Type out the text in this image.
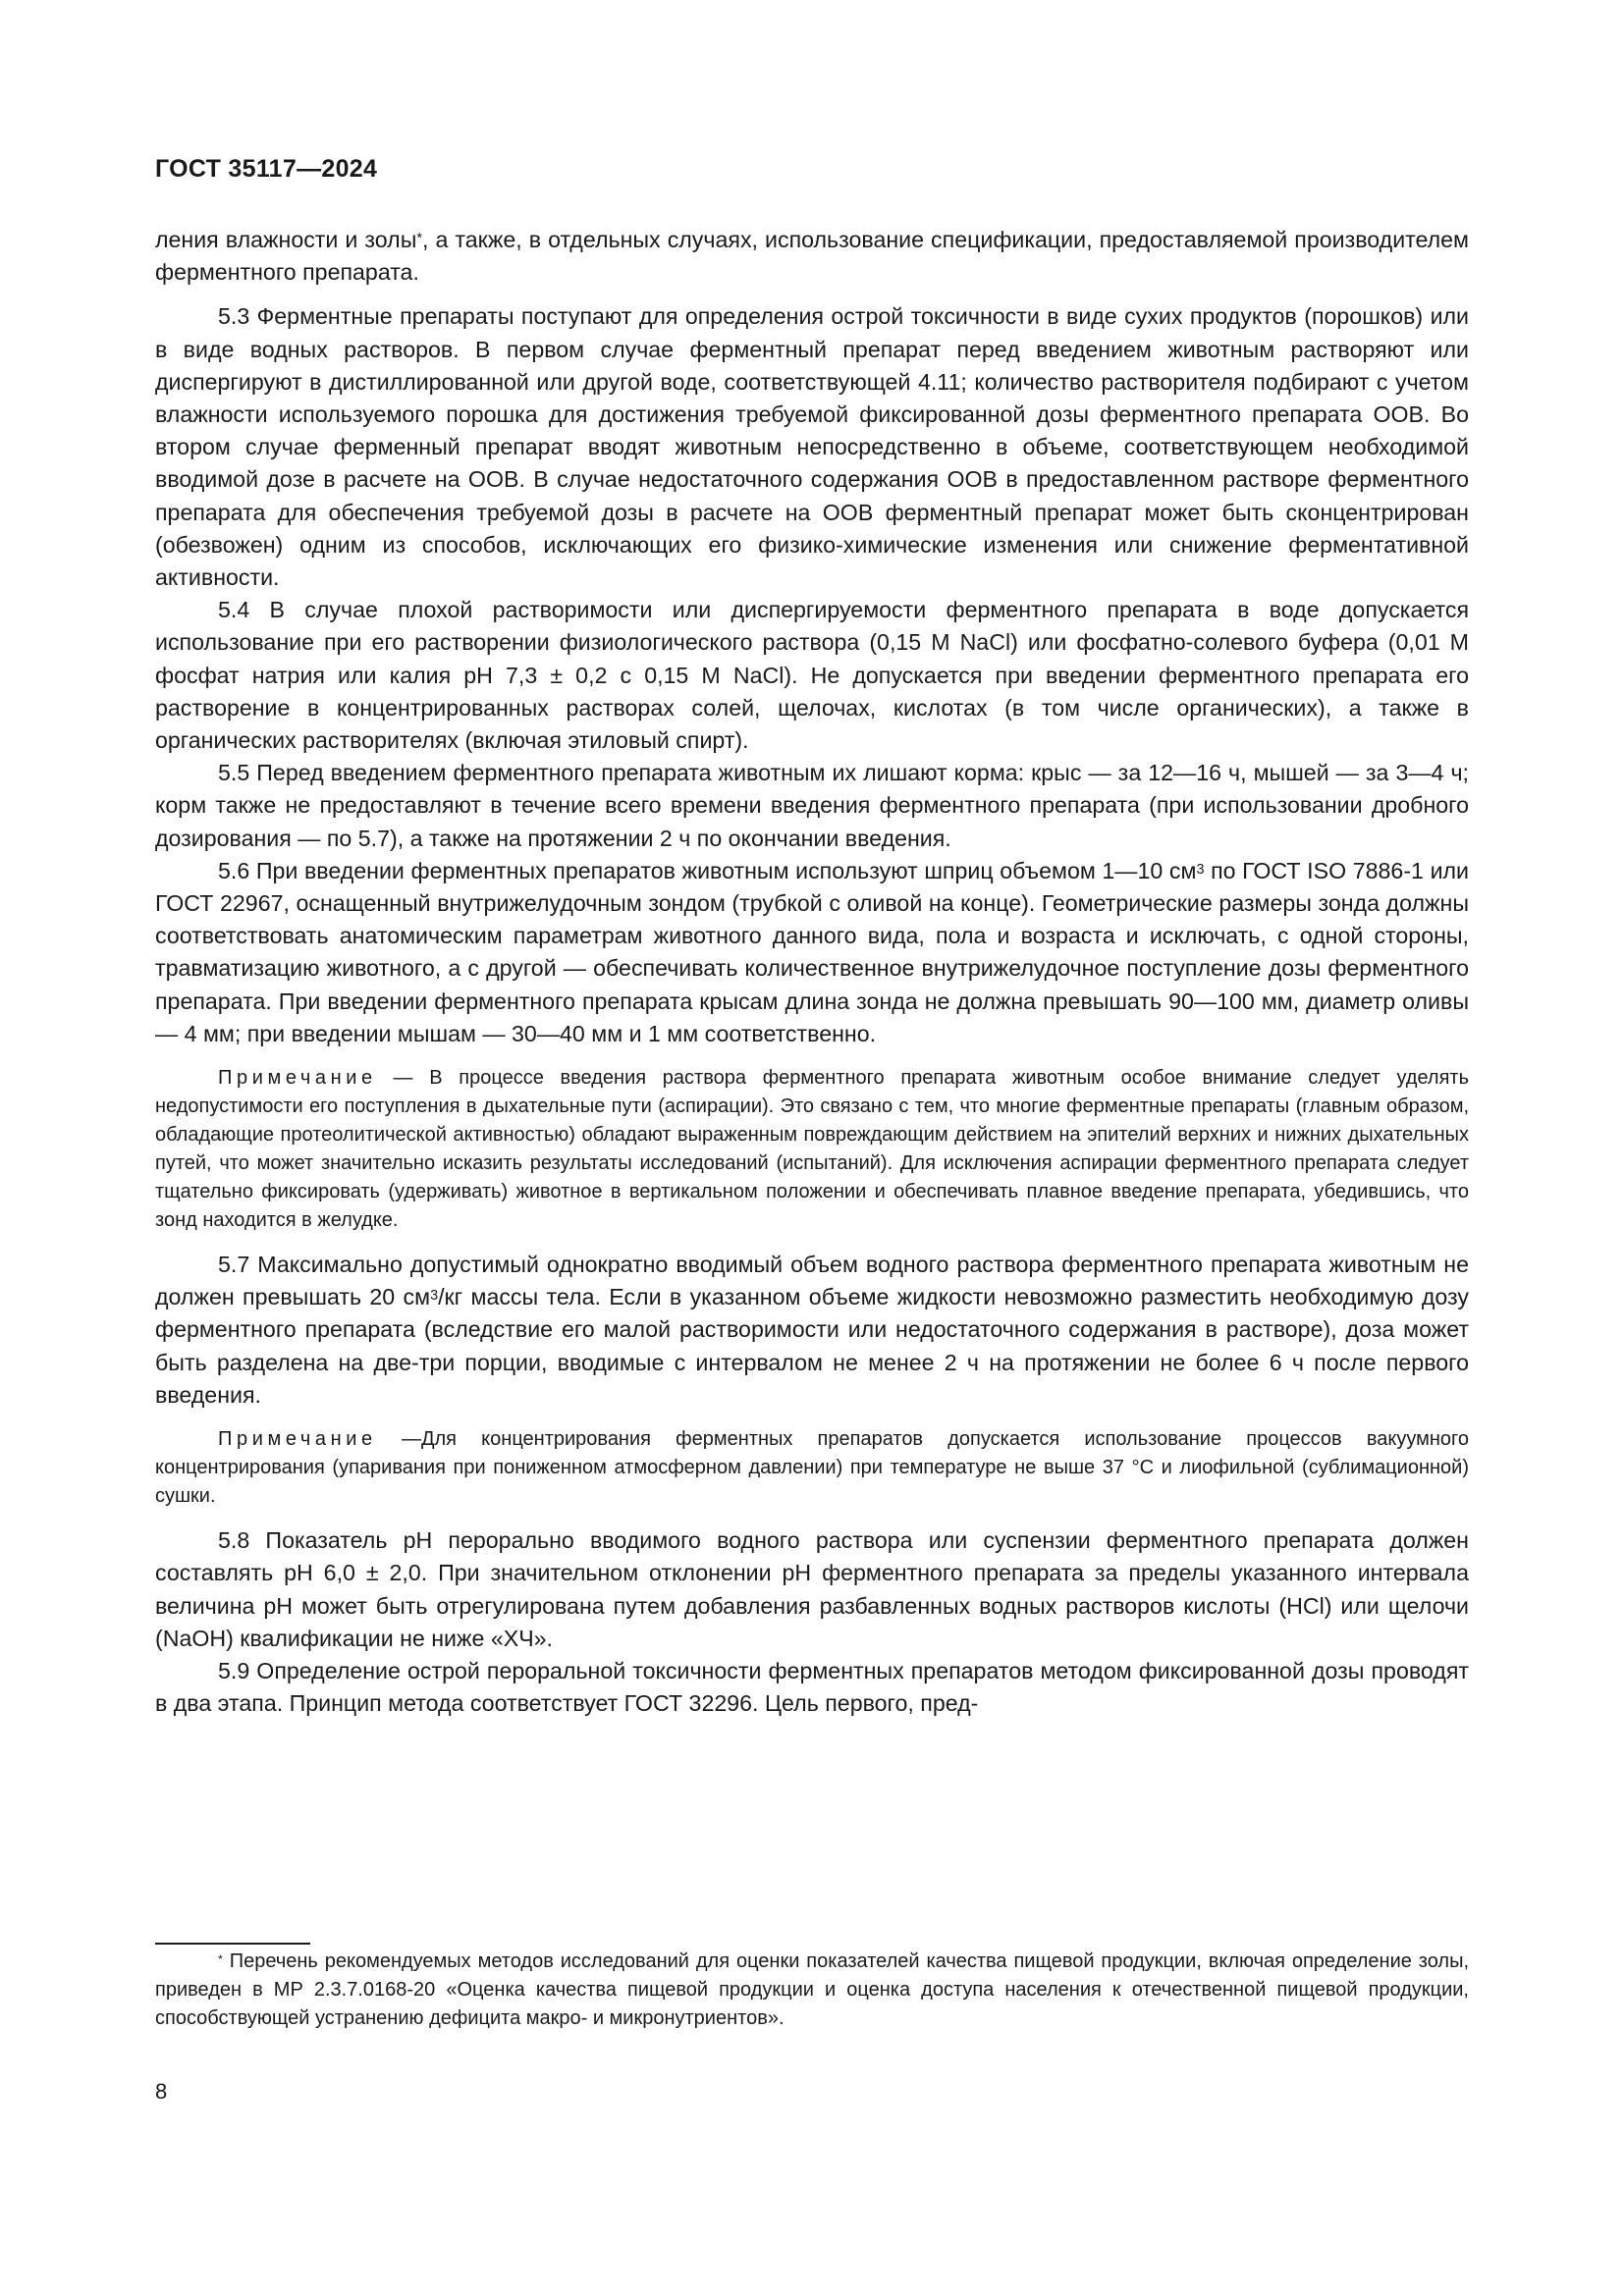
ГОСТ 35117—2024

ления влажности и золы*, а также, в отдельных случаях, использование спецификации, предоставляемой производителем ферментного препарата.

5.3 Ферментные препараты поступают для определения острой токсичности в виде сухих продуктов (порошков) или в виде водных растворов. В первом случае ферментный препарат перед введением животным растворяют или диспергируют в дистиллированной или другой воде, соответствующей 4.11; количество растворителя подбирают с учетом влажности используемого порошка для достижения требуемой фиксированной дозы ферментного препарата ООВ. Во втором случае ферменный препарат вводят животным непосредственно в объеме, соответствующем необходимой вводимой дозе в расчете на ООВ. В случае недостаточного содержания ООВ в предоставленном растворе ферментного препарата для обеспечения требуемой дозы в расчете на ООВ ферментный препарат может быть сконцентрирован (обезвожен) одним из способов, исключающих его физико-химические изменения или снижение ферментативной активности.

5.4 В случае плохой растворимости или диспергируемости ферментного препарата в воде допускается использование при его растворении физиологического раствора (0,15 M NaCl) или фосфатно-солевого буфера (0,01 M фосфат натрия или калия pH 7,3 ± 0,2 с 0,15 M NaCl). Не допускается при введении ферментного препарата его растворение в концентрированных растворах солей, щелочах, кислотах (в том числе органических), а также в органических растворителях (включая этиловый спирт).

5.5 Перед введением ферментного препарата животным их лишают корма: крыс — за 12—16 ч, мышей — за 3—4 ч; корм также не предоставляют в течение всего времени введения ферментного препарата (при использовании дробного дозирования — по 5.7), а также на протяжении 2 ч по окончании введения.

5.6 При введении ферментных препаратов животным используют шприц объемом 1—10 $см^3$ по ГОСТ ISO 7886-1 или ГОСТ 22967, оснащенный внутрижелудочным зондом (трубкой с оливой на конце). Геометрические размеры зонда должны соответствовать анатомическим параметрам животного данного вида, пола и возраста и исключать, с одной стороны, травматизацию животного, а с другой — обеспечивать количественное внутрижелудочное поступление дозы ферментного препарата. При введении ферментного препарата крысам длина зонда не должна превышать 90—100 мм, диаметр оливы — 4 мм; при введении мышам — 30—40 мм и 1 мм соответственно.

Примечание — В процессе введения раствора ферментного препарата животным особое внимание следует уделять недопустимости его поступления в дыхательные пути (аспирации). Это связано с тем, что многие ферментные препараты (главным образом, обладающие протеолитической активностью) обладают выраженным повреждающим действием на эпителий верхних и нижних дыхательных путей, что может значительно исказить результаты исследований (испытаний). Для исключения аспирации ферментного препарата следует тщательно фиксировать (удерживать) животное в вертикальном положении и обеспечивать плавное введение препарата, убедившись, что зонд находится в желудке.

5.7 Максимально допустимый однократно вводимый объем водного раствора ферментного препарата животным не должен превышать 20 $см^3/кг$ массы тела. Если в указанном объеме жидкости невозможно разместить необходимую дозу ферментного препарата (вследствие его малой растворимости или недостаточного содержания в растворе), доза может быть разделена на две-три порции, вводимые с интервалом не менее 2 ч на протяжении не более 6 ч после первого введения.

Примечание —Для концентрирования ферментных препаратов допускается использование процессов вакуумного концентрирования (упаривания при пониженном атмосферном давлении) при температуре не выше 37 °С и лиофильной (сублимационной) сушки.

5.8 Показатель pH перорально вводимого водного раствора или суспензии ферментного препарата должен составлять pH 6,0 ± 2,0. При значительном отклонении pH ферментного препарата за пределы указанного интервала величина pH может быть отрегулирована путем добавления разбавленных водных растворов кислоты (HCl) или щелочи (NaOH) квалификации не ниже «ХЧ».

5.9 Определение острой пероральной токсичности ферментных препаратов методом фиксированной дозы проводят в два этапа. Принцип метода соответствует ГОСТ 32296. Цель первого, пред-

* Перечень рекомендуемых методов исследований для оценки показателей качества пищевой продукции, включая определение золы, приведен в МР 2.3.7.0168-20 «Оценка качества пищевой продукции и оценка доступа населения к отечественной пищевой продукции, способствующей устранению дефицита макро- и микронутриентов».

8
